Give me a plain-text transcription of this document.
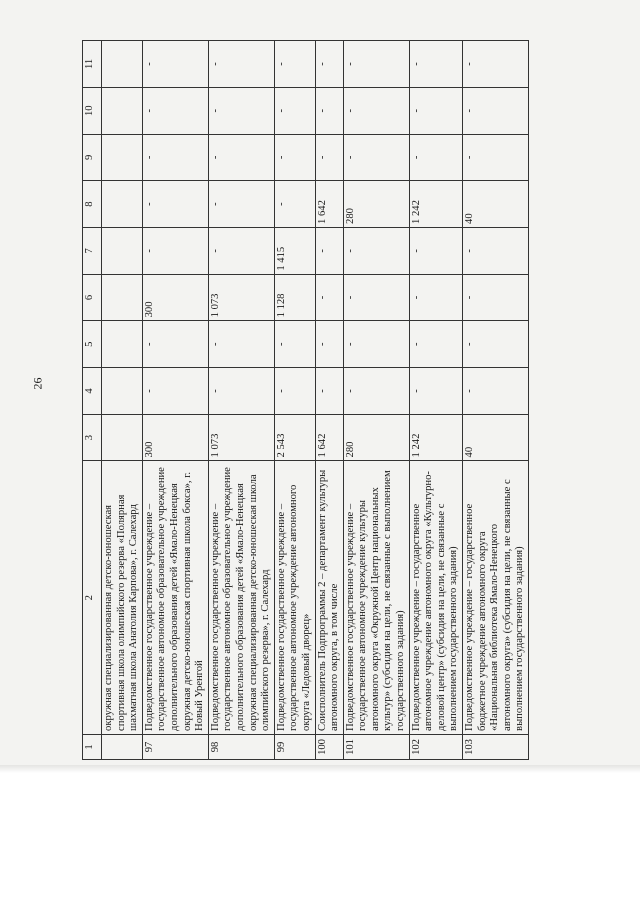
26
1	2	3	4	5	6	7	8	9	10	11
	окружная специализированная детско-юношеская спортивная школа олимпийского резерва «Полярная шахматная школа Анатолия Карпова», г. Салехард									
97	Подведомственное государственное учреждение – государственное автономное образовательное учреждение дополнительного образования детей «Ямало-Ненецкая окружная детско-юношеская спортивная школа бокса», г. Новый Уренгой	300	-	-	300	-	-	-	-	-
98	Подведомственное государственное учреждение – государственное автономное образовательное учреждение дополнительного образования детей «Ямало-Ненецкая окружная специализированная детско-юношеская школа олимпийского резерва», г. Салехард	1 073	-	-	1 073	-	-	-	-	-
99	Подведомственное государственное учреждение – государственное автономное учреждение автономного округа «Ледовый дворец»	2 543	-	-	1 128	1 415	-	-	-	-
100	Соисполнитель Подпрограммы 2 – департамент культуры автономного округа, в том числе	1 642	-	-	-	-	1 642	-	-	-
101	Подведомственное государственное учреждение – государственное автономное учреждение культуры автономного округа «Окружной Центр национальных культур» (субсидия на цели, не связанные с выполнением государственного задания)	280	-	-	-	-	280	-	-	-
102	Подведомственное учреждение – государственное автономное учреждение автономного округа «Культурно-деловой центр» (субсидия на цели, не связанные с выполнением государственного задания)	1 242	-	-	-	-	1 242	-	-	-
103	Подведомственное учреждение – государственное бюджетное учреждение автономного округа «Национальная библиотека Ямало-Ненецкого автономного округа» (субсидия на цели, не связанные с выполнением государственного задания)	40	-	-	-	-	40	-	-	-
